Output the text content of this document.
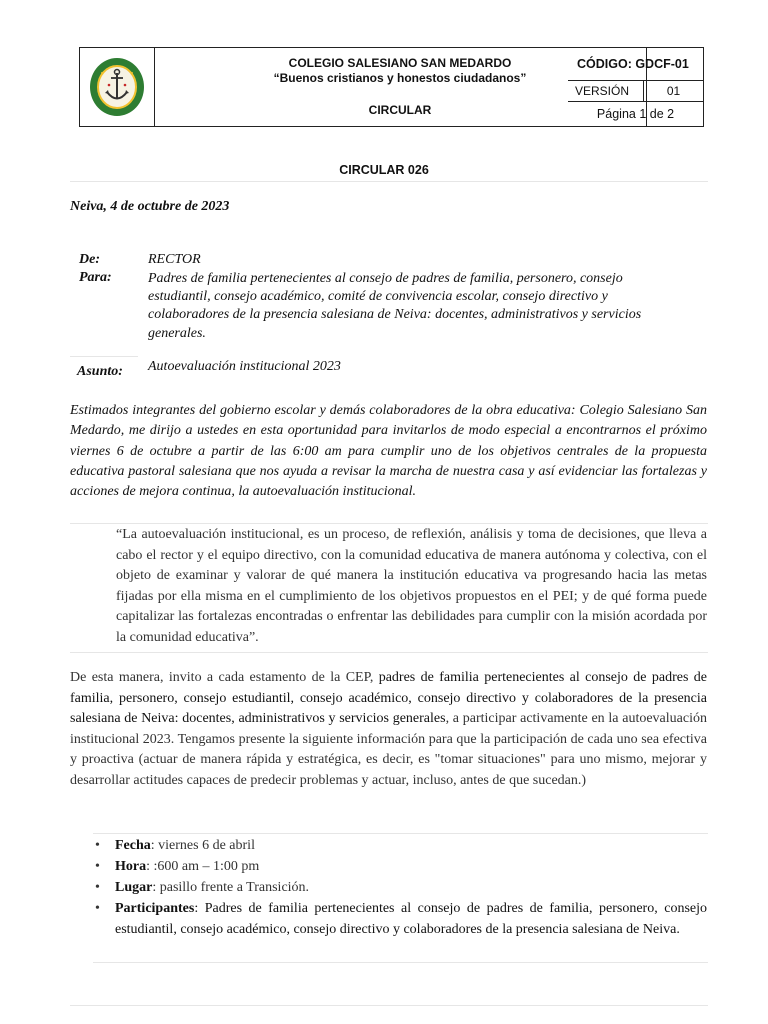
COLEGIO SALESIANO SAN MEDARDO
“Buenos cristianos y honestos ciudadanos”
CIRCULAR
CÓDIGO: GDCF-01
VERSIÓN	01
Página 1 de 2
CIRCULAR 026
Neiva, 4 de octubre de 2023
De:	RECTOR
Para:	Padres de familia pertenecientes al consejo de padres de familia, personero, consejo estudiantil, consejo académico, comité de convivencia escolar, consejo directivo y colaboradores de la presencia salesiana de Neiva: docentes, administrativos y servicios generales.
Asunto: Autoevaluación institucional 2023
Estimados integrantes del gobierno escolar y demás colaboradores de la obra educativa: Colegio Salesiano San Medardo, me dirijo a ustedes en esta oportunidad para invitarlos de modo especial a encontrarnos el próximo viernes 6 de octubre a partir de las 6:00 am para cumplir uno de los objetivos centrales de la propuesta educativa pastoral salesiana que nos ayuda a revisar la marcha de nuestra casa y así evidenciar las fortalezas y acciones de mejora continua, la autoevaluación institucional.
“La autoevaluación institucional, es un proceso, de reflexión, análisis y toma de decisiones, que lleva a cabo el rector y el equipo directivo, con la comunidad educativa de manera autónoma y colectiva, con el objeto de examinar y valorar de qué manera la institución educativa va progresando hacia las metas fijadas por ella misma en el cumplimiento de los objetivos propuestos en el PEI; y de qué forma puede capitalizar las fortalezas encontradas o enfrentar las debilidades para cumplir con la misión acordada por la comunidad educativa”.
De esta manera, invito a cada estamento de la CEP, padres de familia pertenecientes al consejo de padres de familia, personero, consejo estudiantil, consejo académico, consejo directivo y colaboradores de la presencia salesiana de Neiva: docentes, administrativos y servicios generales, a participar activamente en la autoevaluación institucional 2023. Tengamos presente la siguiente información para que la participación de cada uno sea efectiva y proactiva (actuar de manera rápida y estratégica, es decir, es "tomar situaciones" para uno mismo, mejorar y desarrollar actitudes capaces de predecir problemas y actuar, incluso, antes de que sucedan.)
• Fecha: viernes 6 de abril
• Hora: :600 am – 1:00 pm
• Lugar: pasillo frente a Transición.
• Participantes: Padres de familia pertenecientes al consejo de padres de familia, personero, consejo estudiantil, consejo académico, consejo directivo y colaboradores de la presencia salesiana de Neiva.
